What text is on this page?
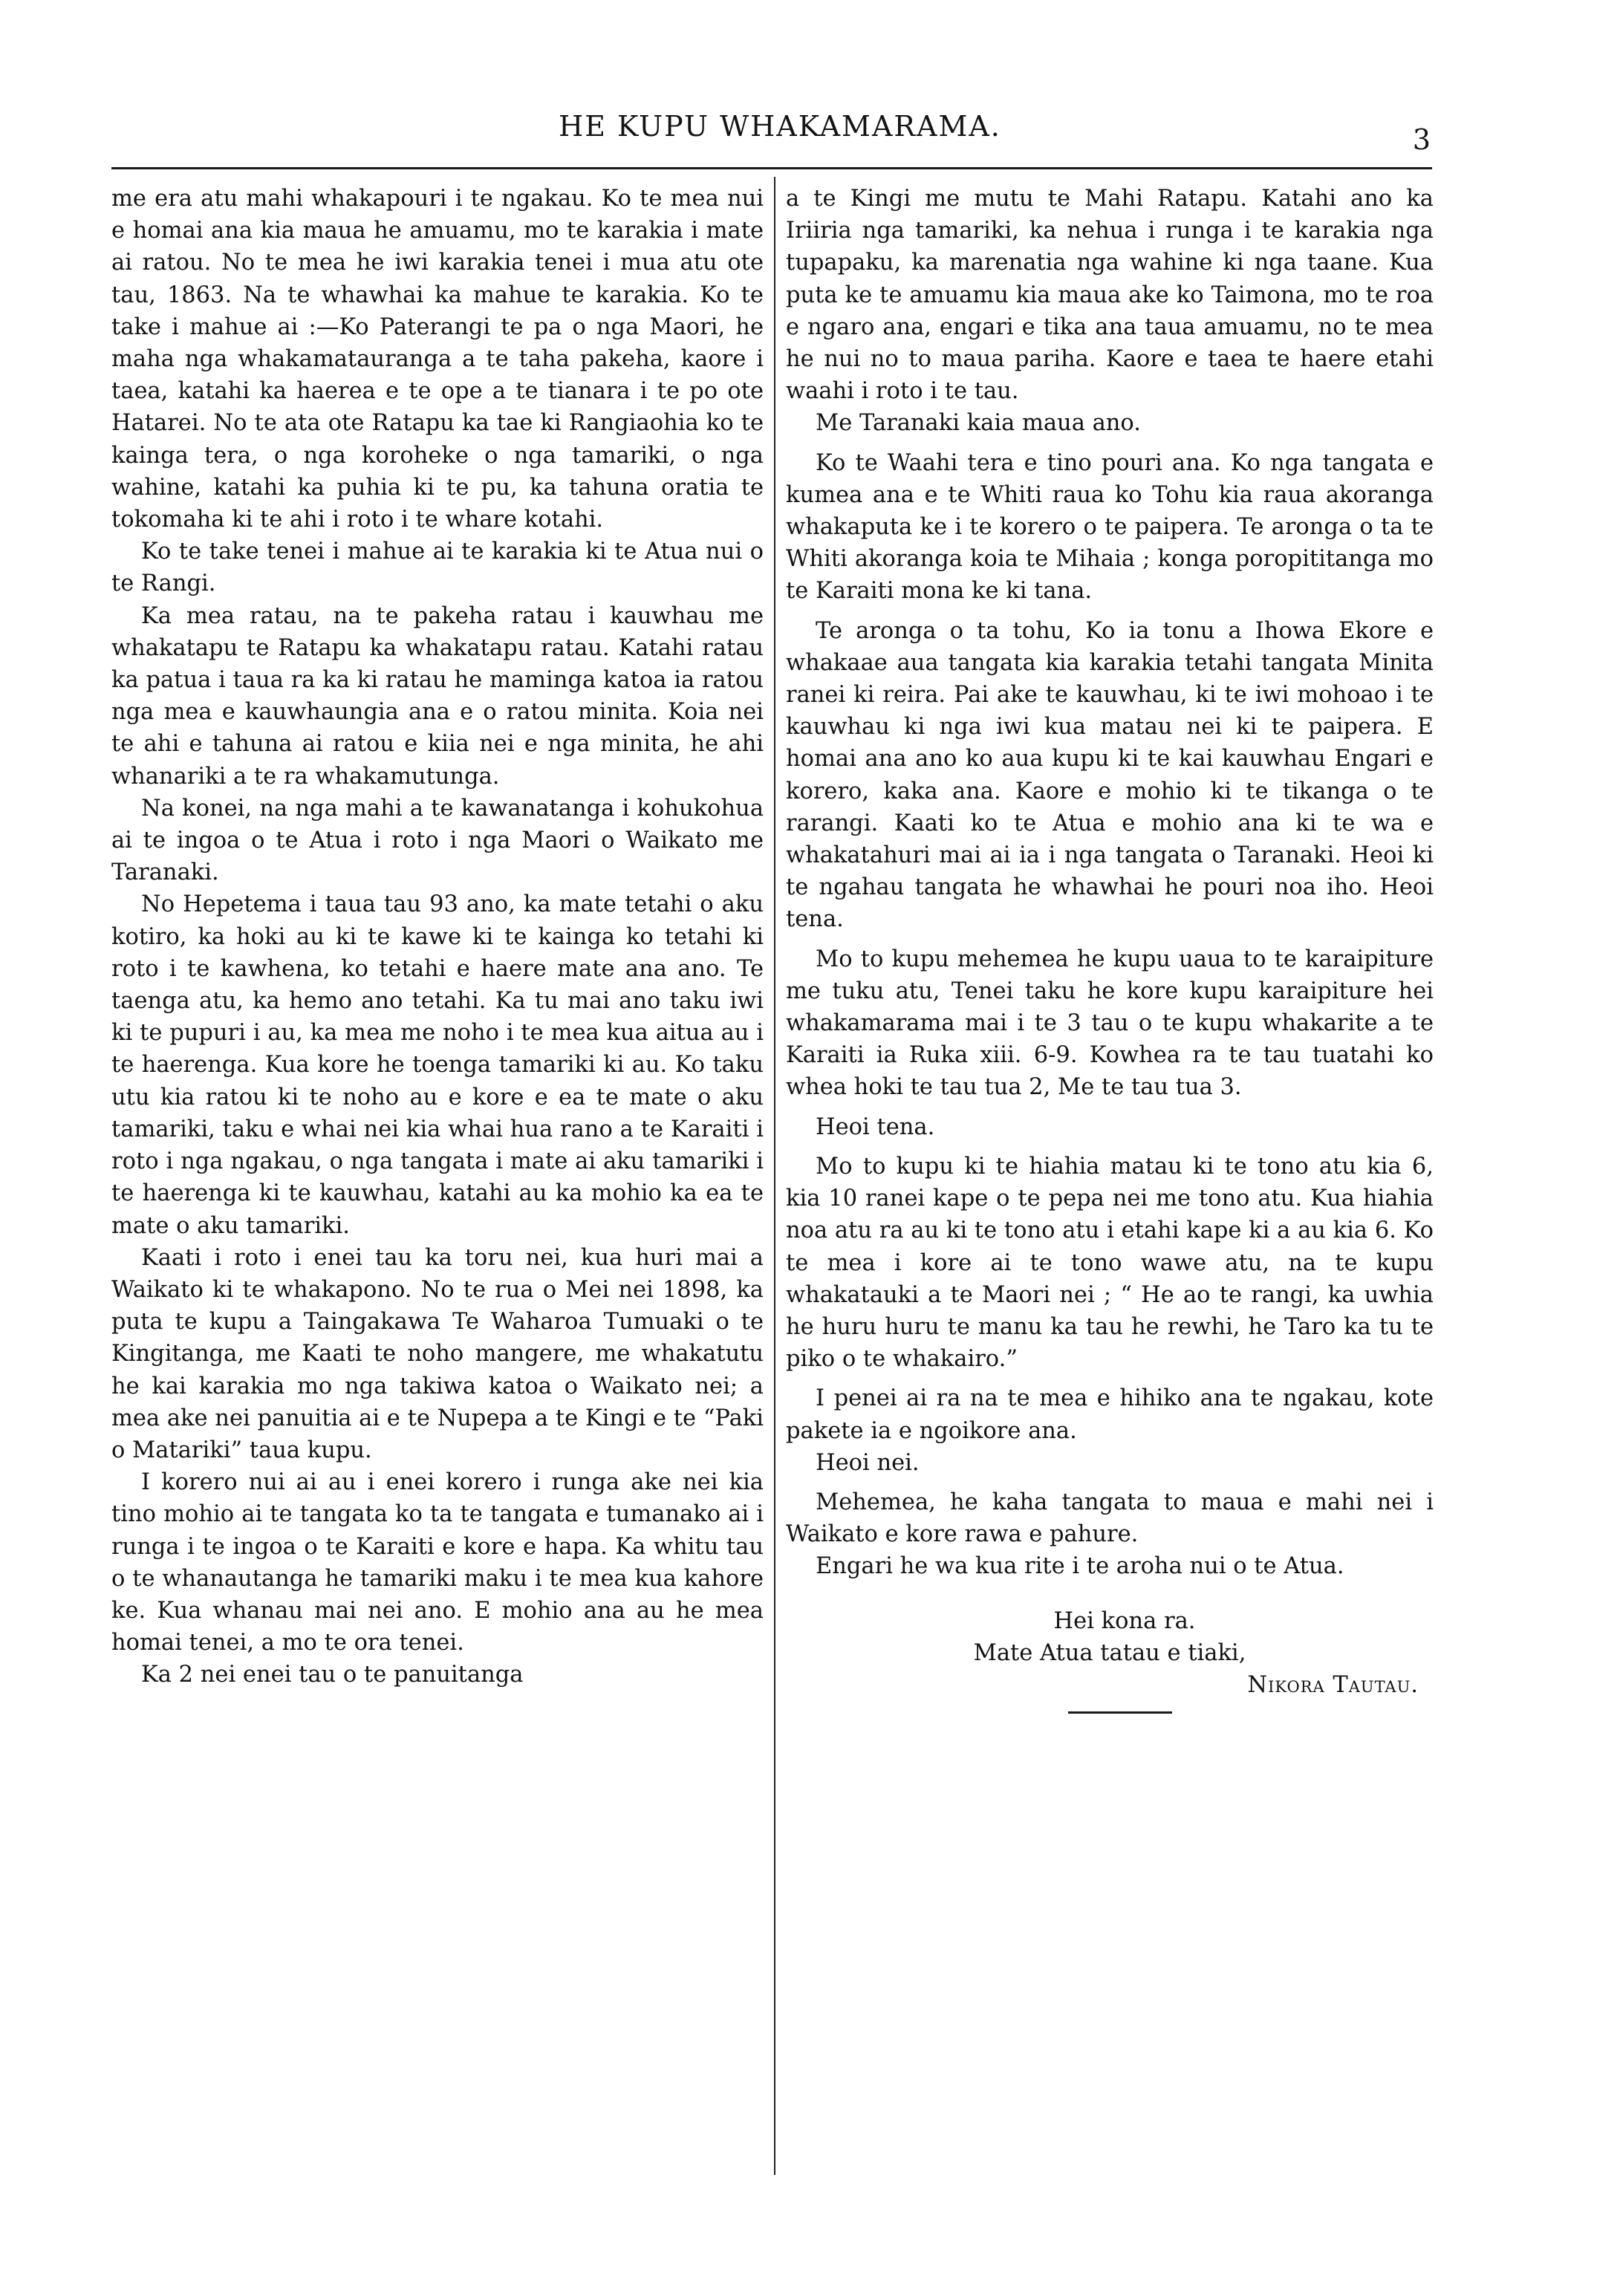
HE KUPU WHAKAMARAMA.	3

me era atu mahi whakapouri i te ngakau. Ko te mea nui e homai ana kia maua he amuamu, mo te karakia i mate ai ratou. No te mea he iwi karakia tenei i mua atu ote tau, 1863. Na te whawhai ka mahue te karakia. Ko te take i mahue ai :—Ko Paterangi te pa o nga Maori, he maha nga whakamatauranga a te taha pakeha, kaore i taea, katahi ka haerea e te ope a te tianara i te po ote Hatarei. No te ata ote Ratapu ka tae ki Rangiaohia ko te kainga tera, o nga koroheke o nga tamariki, o nga wahine, katahi ka puhia ki te pu, ka tahuna oratia te tokomaha ki te ahi i roto i te whare kotahi.

Ko te take tenei i mahue ai te karakia ki te Atua nui o te Rangi.

Ka mea ratau, na te pakeha ratau i kauwhau me whakatapu te Ratapu ka whakatapu ratau. Katahi ratau ka patua i taua ra ka ki ratau he maminga katoa ia ratou nga mea e kauwhaungia ana e o ratou minita. Koia nei te ahi e tahuna ai ratou e kiia nei e nga minita, he ahi whanariki a te ra whakamutunga.

Na konei, na nga mahi a te kawanatanga i kohukohua ai te ingoa o te Atua i roto i nga Maori o Waikato me Taranaki.

No Hepetema i taua tau 93 ano, ka mate tetahi o aku kotiro, ka hoki au ki te kawe ki te kainga ko tetahi ki roto i te kawhena, ko tetahi e haere mate ana ano. Te taenga atu, ka hemo ano tetahi. Ka tu mai ano taku iwi ki te pupuri i au, ka mea me noho i te mea kua aitua au i te haerenga. Kua kore he toenga tamariki ki au. Ko taku utu kia ratou ki te noho au e kore e ea te mate o aku tamariki, taku e whai nei kia whai hua rano a te Karaiti i roto i nga ngakau, o nga tangata i mate ai aku tamariki i te haerenga ki te kauwhau, katahi au ka mohio ka ea te mate o aku tamariki.

Kaati i roto i enei tau ka toru nei, kua huri mai a Waikato ki te whakapono. No te rua o Mei nei 1898, ka puta te kupu a Taingakawa Te Waharoa Tumuaki o te Kingitanga, me Kaati te noho mangere, me whakatutu he kai karakia mo nga takiwa katoa o Waikato nei; a mea ake nei panuitia ai e te Nupepa a te Kingi e te “Paki o Matariki” taua kupu.

I korero nui ai au i enei korero i runga ake nei kia tino mohio ai te tangata ko ta te tangata e tumanako ai i runga i te ingoa o te Karaiti e kore e hapa. Ka whitu tau o te whanautanga he tamariki maku i te mea kua kahore ke. Kua whanau mai nei ano. E mohio ana au he mea homai tenei, a mo te ora tenei.

Ka 2 nei enei tau o te panuitanga

a te Kingi me mutu te Mahi Ratapu. Katahi ano ka Iriiria nga tamariki, ka nehua i runga i te karakia nga tupapaku, ka marenatia nga wahine ki nga taane. Kua puta ke te amuamu kia maua ake ko Taimona, mo te roa e ngaro ana, engari e tika ana taua amuamu, no te mea he nui no to maua pariha. Kaore e taea te haere etahi waahi i roto i te tau.

Me Taranaki kaia maua ano.

Ko te Waahi tera e tino pouri ana. Ko nga tangata e kumea ana e te Whiti raua ko Tohu kia raua akoranga whakaputa ke i te korero o te paipera. Te aronga o ta te Whiti akoranga koia te Mihaia ; konga poropititanga mo te Karaiti mona ke ki tana.

Te aronga o ta tohu, Ko ia tonu a Ihowa Ekore e whakaae aua tangata kia karakia tetahi tangata Minita ranei ki reira. Pai ake te kauwhau, ki te iwi mohoao i te kauwhau ki nga iwi kua matau nei ki te paipera. E homai ana ano ko aua kupu ki te kai kauwhau Engari e korero, kaka ana. Kaore e mohio ki te tikanga o te rarangi. Kaati ko te Atua e mohio ana ki te wa e whakatahuri mai ai ia i nga tangata o Taranaki. Heoi ki te ngahau tangata he whawhai he pouri noa iho. Heoi tena.

Mo to kupu mehemea he kupu uaua to te karaipiture me tuku atu, Tenei taku he kore kupu karaipiture hei whakamarama mai i te 3 tau o te kupu whakarite a te Karaiti ia Ruka xiii. 6-9. Kowhea ra te tau tuatahi ko whea hoki te tau tua 2, Me te tau tua 3.

Heoi tena.

Mo to kupu ki te hiahia matau ki te tono atu kia 6, kia 10 ranei kape o te pepa nei me tono atu. Kua hiahia noa atu ra au ki te tono atu i etahi kape ki a au kia 6. Ko te mea i kore ai te tono wawe atu, na te kupu whakatauki a te Maori nei ; “ He ao te rangi, ka uwhia he huru huru te manu ka tau he rewhi, he Taro ka tu te piko o te whakairo.”

I penei ai ra na te mea e hihiko ana te ngakau, kote pakete ia e ngoikore ana.

Heoi nei.

Mehemea, he kaha tangata to maua e mahi nei i Waikato e kore rawa e pahure.

Engari he wa kua rite i te aroha nui o te Atua.

Hei kona ra.
Mate Atua tatau e tiaki,
Nikora Tautau.
